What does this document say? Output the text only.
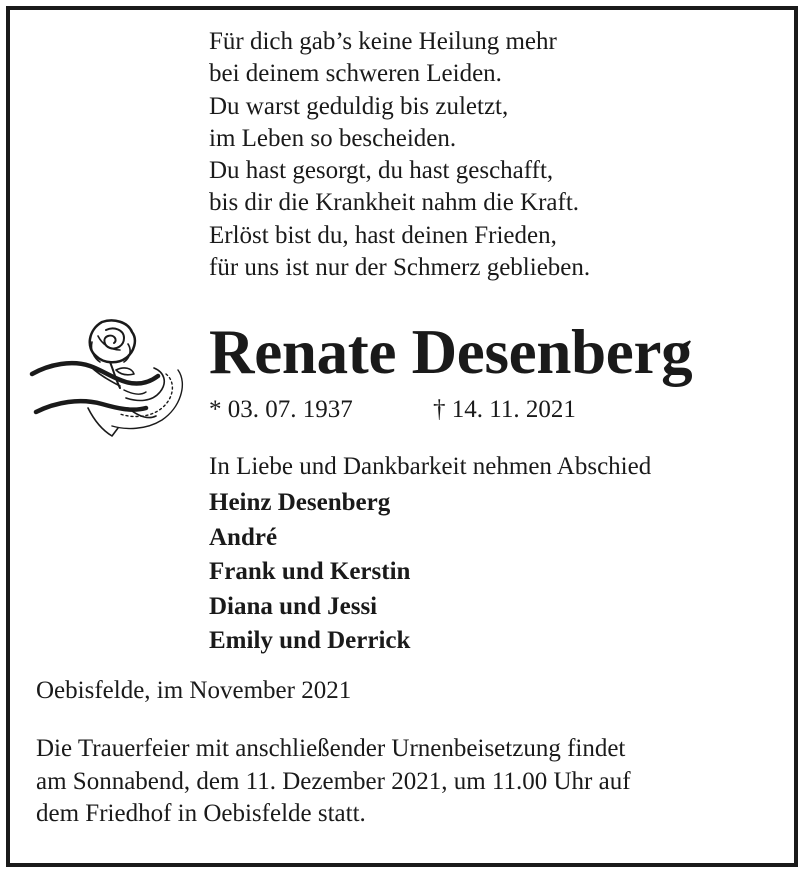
Für dich gab’s keine Heilung mehr
bei deinem schweren Leiden.
Du warst geduldig bis zuletzt,
im Leben so bescheiden.
Du hast gesorgt, du hast geschafft,
bis dir die Krankheit nahm die Kraft.
Erlöst bist du, hast deinen Frieden,
für uns ist nur der Schmerz geblieben.
Renate Desenberg
* 03. 07. 1937	† 14. 11. 2021
In Liebe und Dankbarkeit nehmen Abschied
Heinz Desenberg
André
Frank und Kerstin
Diana und Jessi
Emily und Derrick
Oebisfelde, im November 2021
Die Trauerfeier mit anschließender Urnenbeisetzung findet
am Sonnabend, dem 11. Dezember 2021, um 11.00 Uhr auf
dem Friedhof in Oebisfelde statt.
